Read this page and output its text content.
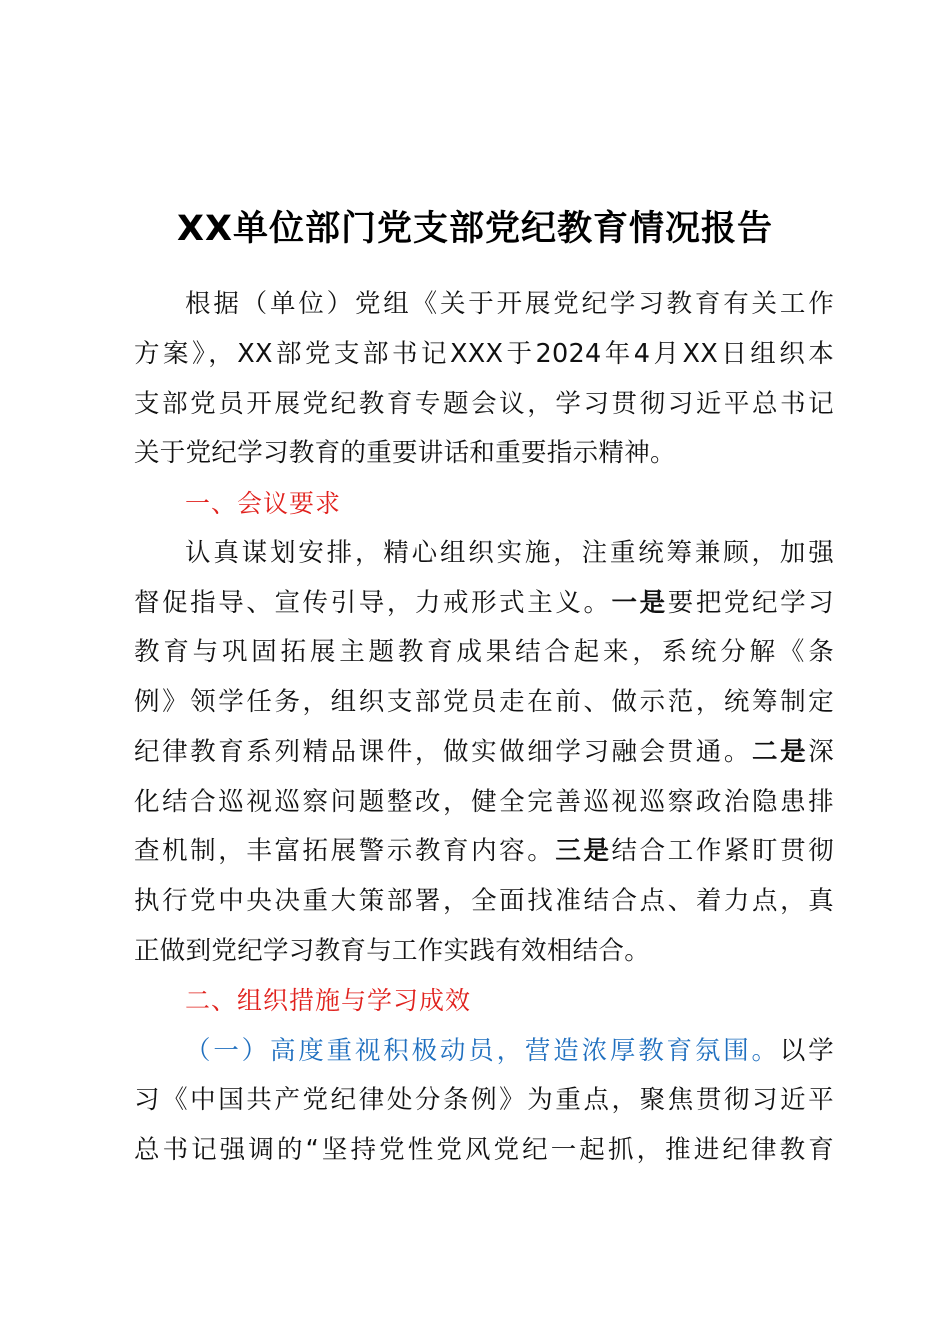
XX单位部门党支部党纪教育情况报告
根据（单位）党组《关于开展党纪学习教育有关工作
方案》，XX部党支部书记XXX于2024年4月XX日组织本
支部党员开展党纪教育专题会议，学习贯彻习近平总书记
关于党纪学习教育的重要讲话和重要指示精神。
一、会议要求
认真谋划安排，精心组织实施，注重统筹兼顾，加强
督促指导、宣传引导，力戒形式主义。一是要把党纪学习
教育与巩固拓展主题教育成果结合起来，系统分解《条
例》领学任务，组织支部党员走在前、做示范，统筹制定
纪律教育系列精品课件，做实做细学习融会贯通。二是深
化结合巡视巡察问题整改，健全完善巡视巡察政治隐患排
查机制，丰富拓展警示教育内容。三是结合工作紧盯贯彻
执行党中央决重大策部署，全面找准结合点、着力点，真
正做到党纪学习教育与工作实践有效相结合。
二、组织措施与学习成效
（一）高度重视积极动员，营造浓厚教育氛围。以学
习《中国共产党纪律处分条例》为重点，聚焦贯彻习近平
总书记强调的“坚持党性党风党纪一起抓，推进纪律教育
